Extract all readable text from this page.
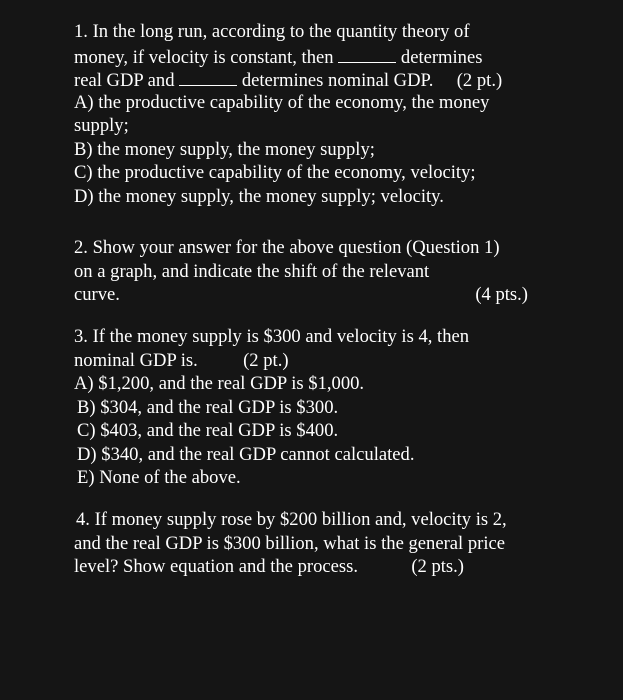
1. In the long run, according to the quantity theory of
money, if velocity is constant, then	determines
real GDP and	determines nominal GDP. (2 pt.)
A) the productive capability of the economy, the money
supply;
B) the money supply, the money supply;
C) the productive capability of the economy, velocity;
D) the money supply, the money supply; velocity.
2. Show your answer for the above question (Question 1)
on a graph, and indicate the shift of the relevant
curve.	(4 pts.)
3. If the money supply is $300 and velocity is 4, then
nominal GDP is. (2 pt.)
A) $1,200, and the real GDP is $1,000.
B) $304, and the real GDP is $300.
C) $403, and the real GDP is $400.
D) $340, and the real GDP cannot calculated.
E) None of the above.
4. If money supply rose by $200 billion and, velocity is 2,
and the real GDP is $300 billion, what is the general price
level? Show equation and the process.	(2 pts.)
